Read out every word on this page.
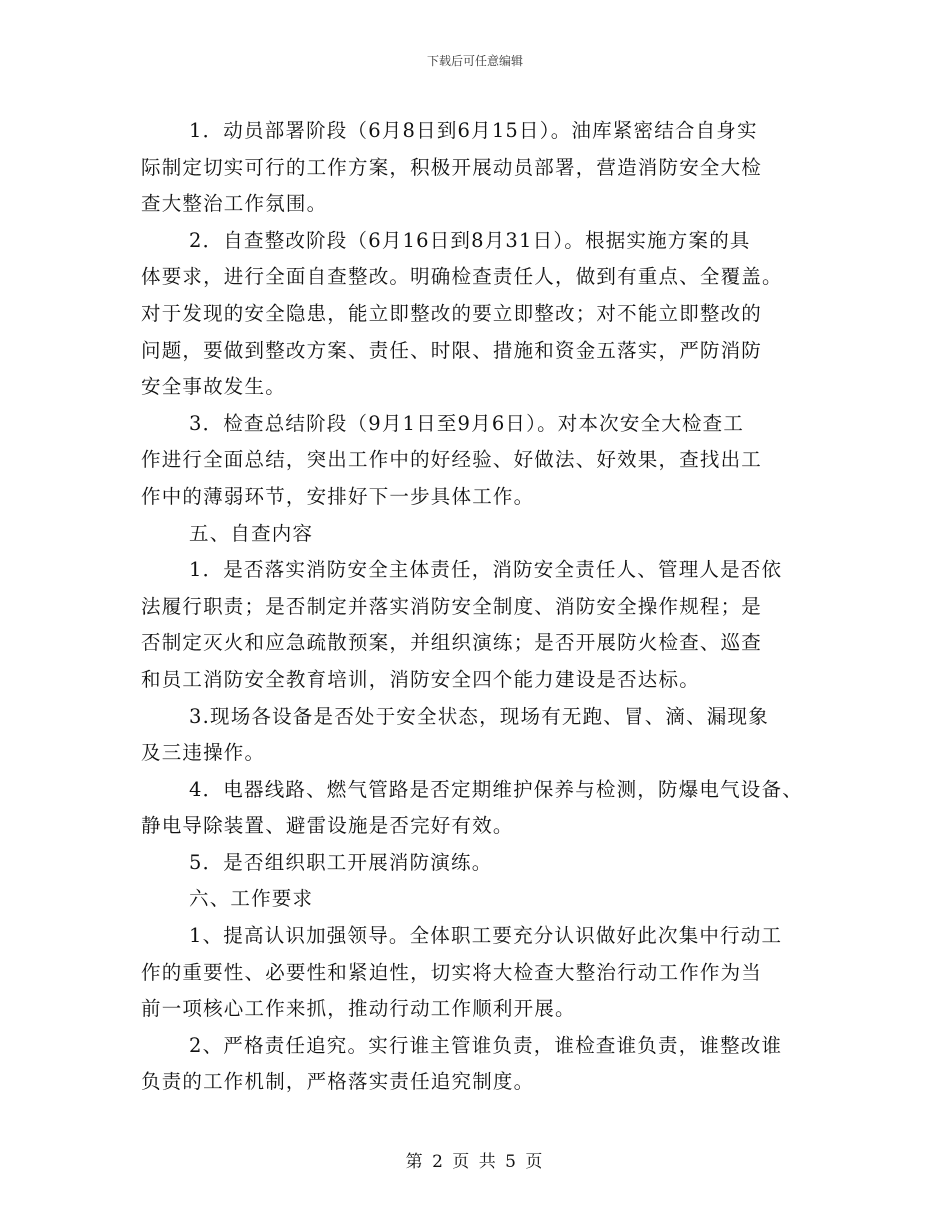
下载后可任意编辑

1．动员部署阶段（6月8日到6月15日）。油库紧密结合自身实
际制定切实可行的工作方案，积极开展动员部署，营造消防安全大检
查大整治工作氛围。

2．自查整改阶段（6月16日到8月31日）。根据实施方案的具
体要求，进行全面自查整改。明确检查责任人，做到有重点、全覆盖。
对于发现的安全隐患，能立即整改的要立即整改；对不能立即整改的
问题，要做到整改方案、责任、时限、措施和资金五落实，严防消防
安全事故发生。

3．检查总结阶段（9月1日至9月6日）。对本次安全大检查工
作进行全面总结，突出工作中的好经验、好做法、好效果，查找出工
作中的薄弱环节，安排好下一步具体工作。

五、自查内容

1．是否落实消防安全主体责任，消防安全责任人、管理人是否依
法履行职责；是否制定并落实消防安全制度、消防安全操作规程；是
否制定灭火和应急疏散预案，并组织演练；是否开展防火检查、巡查
和员工消防安全教育培训，消防安全四个能力建设是否达标。

3.现场各设备是否处于安全状态，现场有无跑、冒、滴、漏现象
及三违操作。

4．电器线路、燃气管路是否定期维护保养与检测，防爆电气设备、
静电导除装置、避雷设施是否完好有效。

5．是否组织职工开展消防演练。

六、工作要求

1、提高认识加强领导。全体职工要充分认识做好此次集中行动工
作的重要性、必要性和紧迫性，切实将大检查大整治行动工作作为当
前一项核心工作来抓，推动行动工作顺利开展。

2、严格责任追究。实行谁主管谁负责，谁检查谁负责，谁整改谁
负责的工作机制，严格落实责任追究制度。

第 2 页 共 5 页
